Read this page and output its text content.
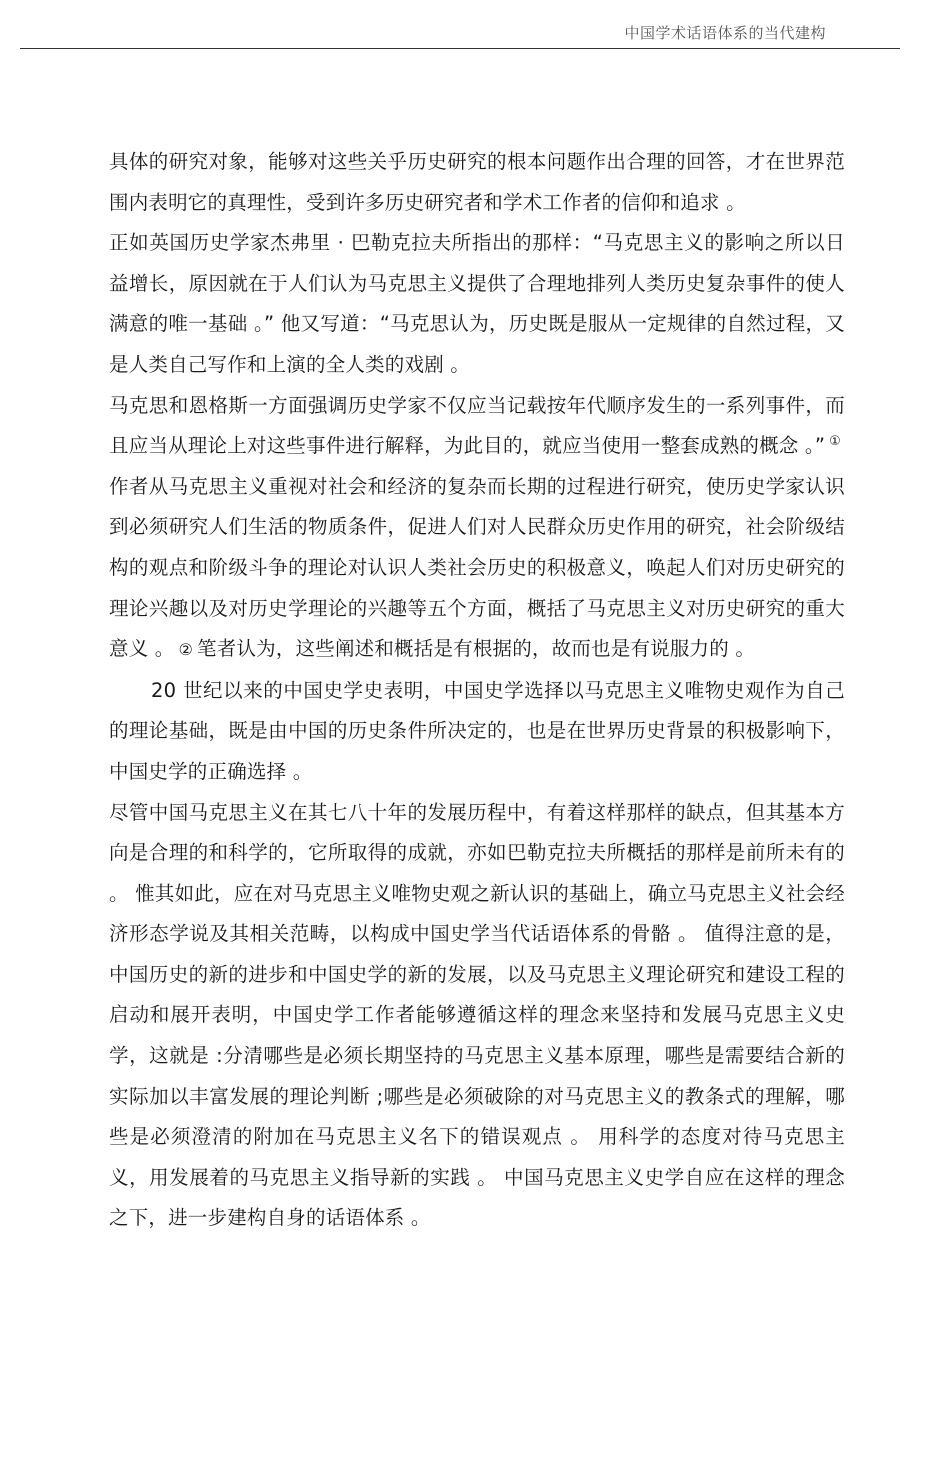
中国学术话语体系的当代建构

具体的研究对象，能够对这些关乎历史研究的根本问题作出合理的回答，才在世界范围内表明它的真理性，受到许多历史研究者和学术工作者的信仰和追求 。

正如英国历史学家杰弗里 · 巴勒克拉夫所指出的那样：“马克思主义的影响之所以日益增长，原因就在于人们认为马克思主义提供了合理地排列人类历史复杂事件的使人满意的唯一基础 。” 他又写道：“马克思认为，历史既是服从一定规律的自然过程，又是人类自己写作和上演的全人类的戏剧 。

马克思和恩格斯一方面强调历史学家不仅应当记载按年代顺序发生的一系列事件，而且应当从理论上对这些事件进行解释，为此目的，就应当使用一整套成熟的概念 。” ①作者从马克思主义重视对社会和经济的复杂而长期的过程进行研究，使历史学家认识到必须研究人们生活的物质条件，促进人们对人民群众历史作用的研究，社会阶级结构的观点和阶级斗争的理论对认识人类社会历史的积极意义，唤起人们对历史研究的理论兴趣以及对历史学理论的兴趣等五个方面，概括了马克思主义对历史研究的重大意义 。 ② 笔者认为，这些阐述和概括是有根据的，故而也是有说服力的 。

20 世纪以来的中国史学史表明，中国史学选择以马克思主义唯物史观作为自己的理论基础，既是由中国的历史条件所决定的，也是在世界历史背景的积极影响下，中国史学的正确选择 。

尽管中国马克思主义在其七八十年的发展历程中，有着这样那样的缺点，但其基本方向是合理的和科学的，它所取得的成就，亦如巴勒克拉夫所概括的那样是前所未有的 。 惟其如此，应在对马克思主义唯物史观之新认识的基础上，确立马克思主义社会经济形态学说及其相关范畴，以构成中国史学当代话语体系的骨骼 。 值得注意的是，中国历史的新的进步和中国史学的新的发展，以及马克思主义理论研究和建设工程的启动和展开表明，中国史学工作者能够遵循这样的理念来坚持和发展马克思主义史学，这就是 :分清哪些是必须长期坚持的马克思主义基本原理，哪些是需要结合新的实际加以丰富发展的理论判断 ;哪些是必须破除的对马克思主义的教条式的理解，哪些是必须澄清的附加在马克思主义名下的错误观点 。 用科学的态度对待马克思主义，用发展着的马克思主义指导新的实践 。 中国马克思主义史学自应在这样的理念之下，进一步建构自身的话语体系 。
